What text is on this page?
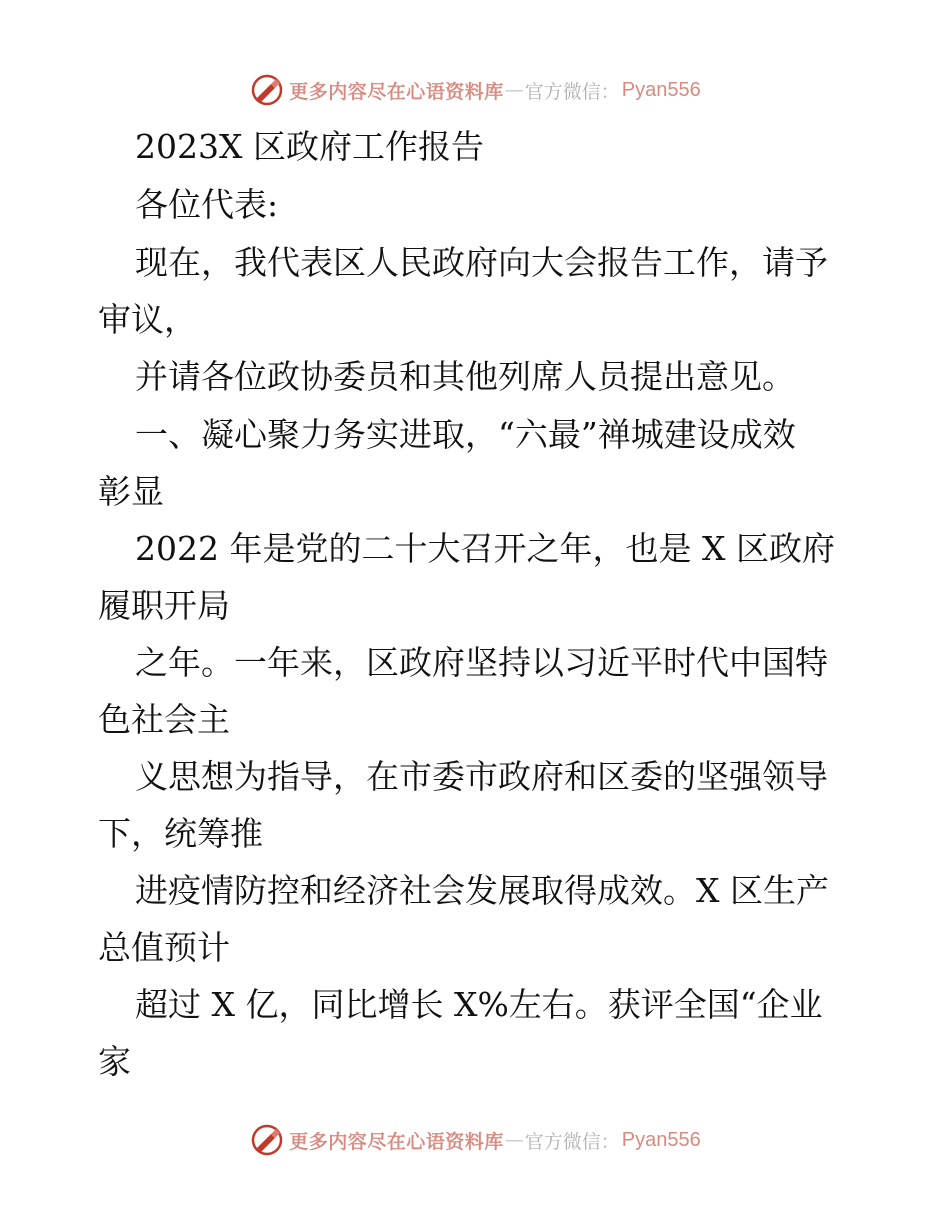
更多内容尽在心语资料库 — 官方微信： Pyan556
2023X 区政府工作报告
各位代表:
现在，我代表区人民政府向大会报告工作，请予
审议，
并请各位政协委员和其他列席人员提出意见。
一、凝心聚力务实进取，“六最”禅城建设成效
彰显
2022 年是党的二十大召开之年，也是 X 区政府
履职开局
之年。一年来，区政府坚持以习近平时代中国特
色社会主
义思想为指导，在市委市政府和区委的坚强领导
下，统筹推
进疫情防控和经济社会发展取得成效。X 区生产
总值预计
超过 X 亿，同比增长 X%左右。获评全国“企业
家
更多内容尽在心语资料库 — 官方微信： Pyan556
